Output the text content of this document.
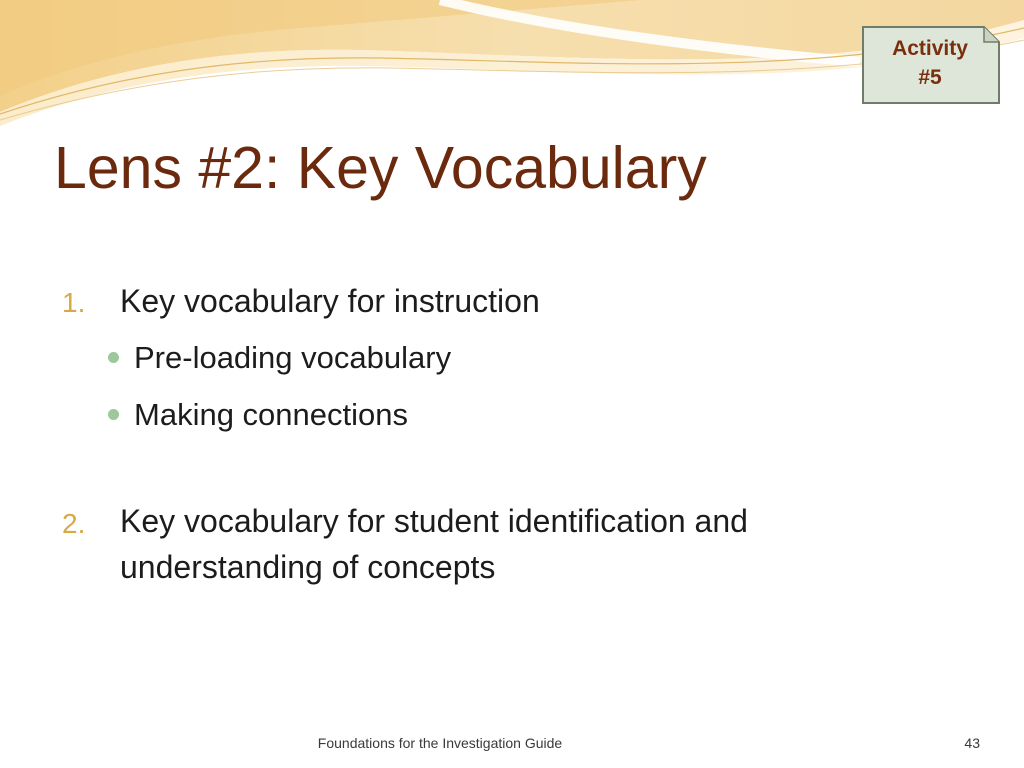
Activity
#5
Lens #2: Key Vocabulary
1. Key vocabulary for instruction
Pre-loading vocabulary
Making connections
2. Key vocabulary for student identification and understanding of concepts
Foundations for the Investigation Guide	43
